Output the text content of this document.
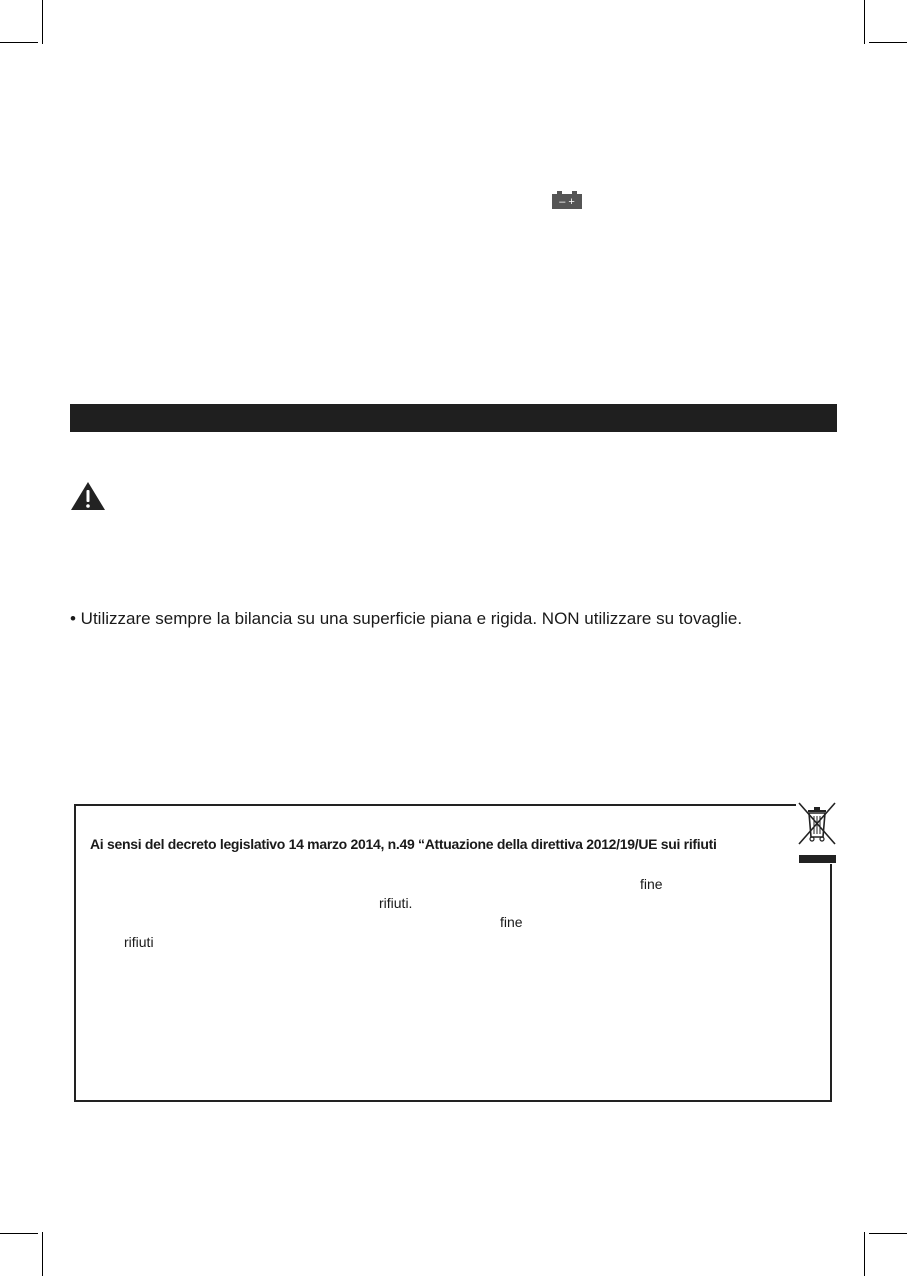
– +
• Utilizzare sempre la bilancia su una superficie piana e rigida. NON utilizzare su tovaglie.
Ai sensi del decreto legislativo 14 marzo 2014, n.49 “Attuazione della direttiva 2012/19/UE sui rifiuti
fine
rifiuti.
fine
rifiuti
